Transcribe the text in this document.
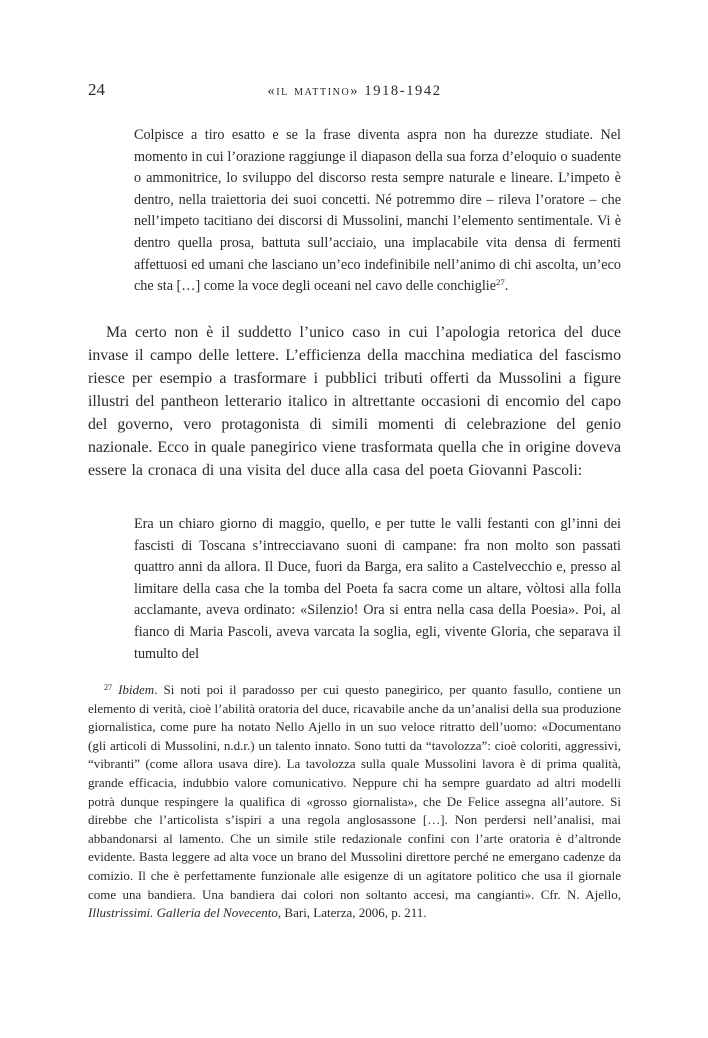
24	«il mattino» 1918-1942
Colpisce a tiro esatto e se la frase diventa aspra non ha durezze studiate. Nel momento in cui l’orazione raggiunge il diapason della sua forza d’eloquio o suadente o ammonitrice, lo sviluppo del discorso resta sempre naturale e lineare. L’impeto è dentro, nella traiettoria dei suoi concetti. Né potremmo dire – rileva l’oratore – che nell’impeto tacitiano dei discorsi di Mussolini, manchi l’elemento sentimentale. Vi è dentro quella prosa, battuta sull’acciaio, una implacabile vita densa di fermenti affettuosi ed umani che lasciano un’eco indefinibile nell’animo di chi ascolta, un’eco che sta […] come la voce degli oceani nel cavo delle conchiglie$^{27}$.
Ma certo non è il suddetto l’unico caso in cui l’apologia retorica del duce invase il campo delle lettere. L’efficienza della macchina mediatica del fascismo riesce per esempio a trasformare i pubblici tributi offerti da Mussolini a figure illustri del pantheon letterario italico in altrettante occasioni di encomio del capo del governo, vero protagonista di simili momenti di celebrazione del genio nazionale. Ecco in quale panegirico viene trasformata quella che in origine doveva essere la cronaca di una visita del duce alla casa del poeta Giovanni Pascoli:
Era un chiaro giorno di maggio, quello, e per tutte le valli festanti con gl’inni dei fascisti di Toscana s’intrecciavano suoni di campane: fra non molto son passati quattro anni da allora. Il Duce, fuori da Barga, era salito a Castelvecchio e, presso al limitare della casa che la tomba del Poeta fa sacra come un altare, vòltosi alla folla acclamante, aveva ordinato: «Silenzio! Ora si entra nella casa della Poesia». Poi, al fianco di Maria Pascoli, aveva varcata la soglia, egli, vivente Gloria, che separava il tumulto del
$^{27}$ Ibidem. Si noti poi il paradosso per cui questo panegirico, per quanto fasullo, contiene un elemento di verità, cioè l’abilità oratoria del duce, ricavabile anche da un’analisi della sua produzione giornalistica, come pure ha notato Nello Ajello in un suo veloce ritratto dell’uomo: «Documentano (gli articoli di Mussolini, n.d.r.) un talento innato. Sono tutti da “tavolozza”: cioè coloriti, aggressivi, “vibranti” (come allora usava dire). La tavolozza sulla quale Mussolini lavora è di prima qualità, grande efficacia, indubbio valore comunicativo. Neppure chi ha sempre guardato ad altri modelli potrà dunque respingere la qualifica di «grosso giornalista», che De Felice assegna all’autore. Si direbbe che l’articolista s’ispiri a una regola anglosassone […]. Non perdersi nell’analisi, mai abbandonarsi al lamento. Che un simile stile redazionale confini con l’arte oratoria è d’altronde evidente. Basta leggere ad alta voce un brano del Mussolini direttore perché ne emergano cadenze da comizio. Il che è perfettamente funzionale alle esigenze di un agitatore politico che usa il giornale come una bandiera. Una bandiera dai colori non soltanto accesi, ma cangianti». Cfr. N. Ajello, Illustrissimi. Galleria del Novecento, Bari, Laterza, 2006, p. 211.
